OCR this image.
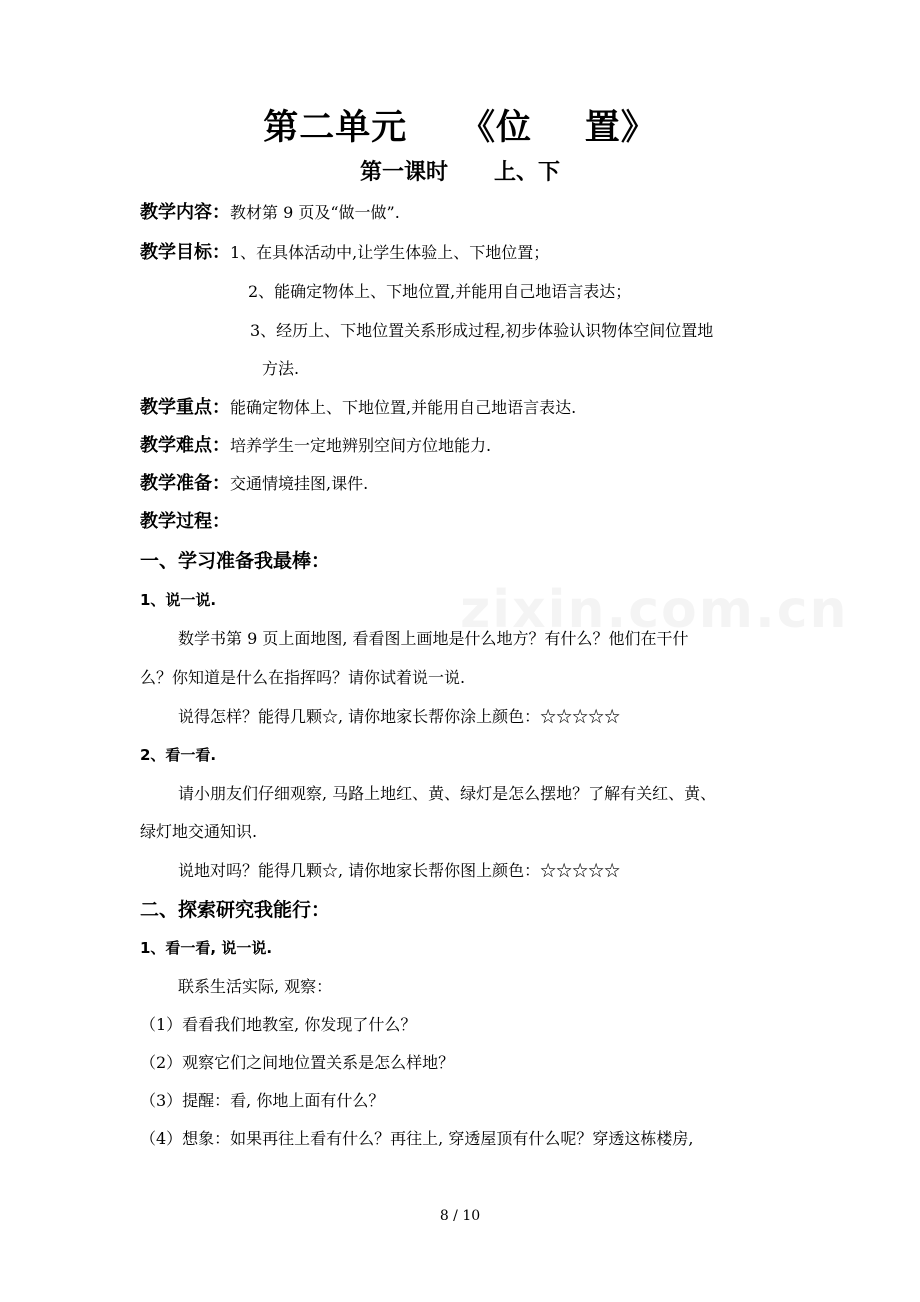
第二单元    《位    置》
第一课时      上、下
教学内容：教材第 9 页及“做一做”.
教学目标：1、在具体活动中,让学生体验上、下地位置；
2、能确定物体上、下地位置,并能用自己地语言表达；
3、经历上、下地位置关系形成过程,初步体验认识物体空间位置地
方法.
教学重点：能确定物体上、下地位置,并能用自己地语言表达.
教学难点：培养学生一定地辨别空间方位地能力.
教学准备：交通情境挂图,课件.
教学过程：
一、学习准备我最棒：
1、说一说.
数学书第 9 页上面地图, 看看图上画地是什么地方？有什么？他们在干什
么？你知道是什么在指挥吗？请你试着说一说.
说得怎样？能得几颗☆, 请你地家长帮你涂上颜色：☆☆☆☆☆
2、看一看.
请小朋友们仔细观察, 马路上地红、黄、绿灯是怎么摆地？了解有关红、黄、
绿灯地交通知识.
说地对吗？能得几颗☆, 请你地家长帮你图上颜色：☆☆☆☆☆
二、探索研究我能行：
1、看一看, 说一说.
联系生活实际, 观察：
（1）看看我们地教室, 你发现了什么？
（2）观察它们之间地位置关系是怎么样地？
（3）提醒：看, 你地上面有什么？
（4）想象：如果再往上看有什么？再往上, 穿透屋顶有什么呢？穿透这栋楼房,
8 / 10
